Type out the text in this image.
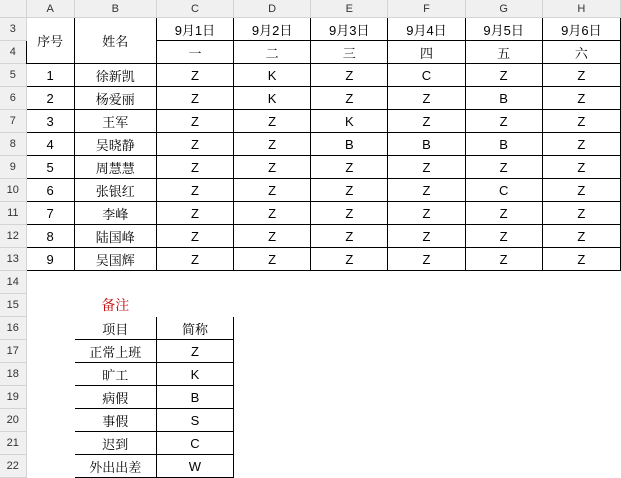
	A	B	C	D	E	F	G	H
3	序号	姓名	9月1日	9月2日	9月3日	9月4日	9月5日	9月6日
4			一	二	三	四	五	六
5	1	徐新凯	Z	K	Z	C	Z	Z
6	2	杨爱丽	Z	K	Z	Z	B	Z
7	3	王军	Z	Z	K	Z	Z	Z
8	4	吴晓静	Z	Z	B	B	B	Z
9	5	周慧慧	Z	Z	Z	Z	Z	Z
10	6	张银红	Z	Z	Z	Z	C	Z
11	7	李峰	Z	Z	Z	Z	Z	Z
12	8	陆国峰	Z	Z	Z	Z	Z	Z
13	9	吴国辉	Z	Z	Z	Z	Z	Z
14								
15		备注						
16		项目	简称					
17		正常上班	Z					
18		旷工	K					
19		病假	B					
20		事假	S					
21		迟到	C					
22		外出出差	W					
